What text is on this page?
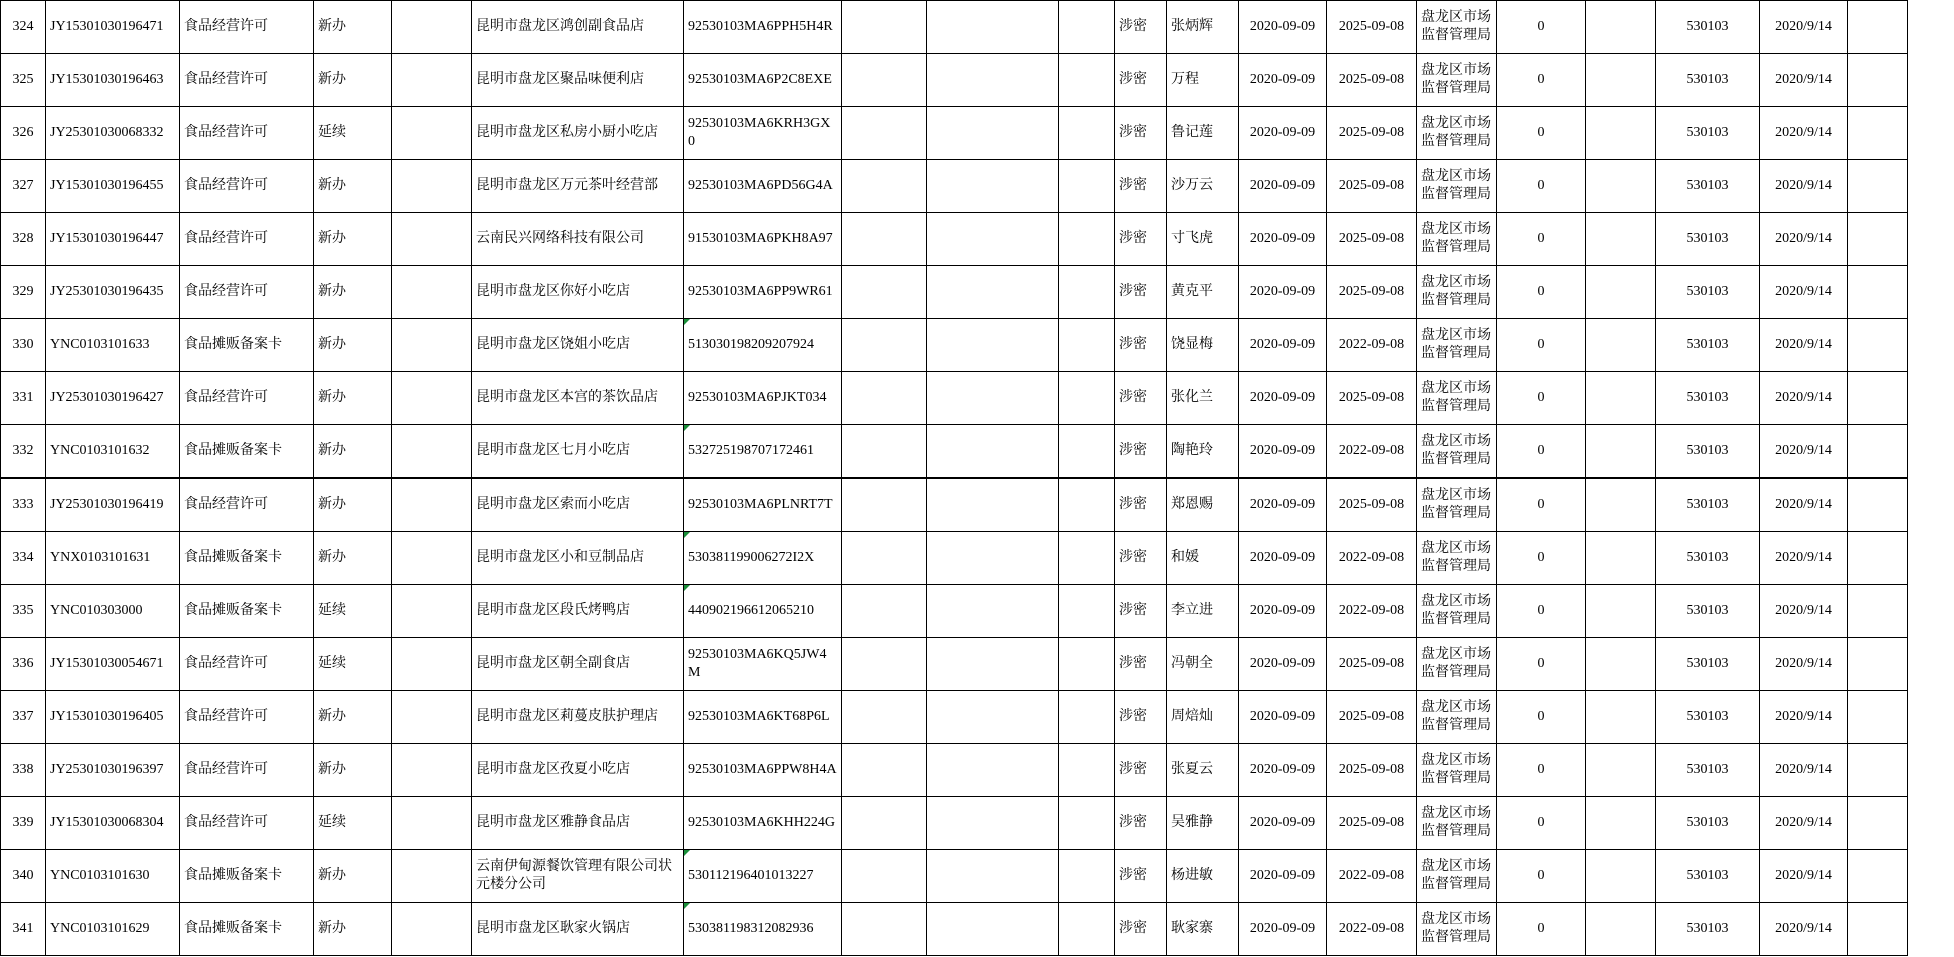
324	JY15301030196471	食品经营许可	新办		昆明市盘龙区鸿创副食品店	92530103MA6PPH5H4R				涉密	张炳辉	2020-09-09	2025-09-08	盘龙区市场监督管理局	0		530103	2020/9/14	
325	JY15301030196463	食品经营许可	新办		昆明市盘龙区聚品味便利店	92530103MA6P2C8EXE				涉密	万程	2020-09-09	2025-09-08	盘龙区市场监督管理局	0		530103	2020/9/14	
326	JY25301030068332	食品经营许可	延续		昆明市盘龙区私房小厨小吃店	92530103MA6KRH3GX0				涉密	鲁记莲	2020-09-09	2025-09-08	盘龙区市场监督管理局	0		530103	2020/9/14	
327	JY15301030196455	食品经营许可	新办		昆明市盘龙区万元茶叶经营部	92530103MA6PD56G4A				涉密	沙万云	2020-09-09	2025-09-08	盘龙区市场监督管理局	0		530103	2020/9/14	
328	JY15301030196447	食品经营许可	新办		云南民兴网络科技有限公司	91530103MA6PKH8A97				涉密	寸飞虎	2020-09-09	2025-09-08	盘龙区市场监督管理局	0		530103	2020/9/14	
329	JY25301030196435	食品经营许可	新办		昆明市盘龙区你好小吃店	92530103MA6PP9WR61				涉密	黄克平	2020-09-09	2025-09-08	盘龙区市场监督管理局	0		530103	2020/9/14	
330	YNC0103101633	食品摊贩备案卡	新办		昆明市盘龙区饶姐小吃店	513030198209207924				涉密	饶显梅	2020-09-09	2022-09-08	盘龙区市场监督管理局	0		530103	2020/9/14	
331	JY25301030196427	食品经营许可	新办		昆明市盘龙区本宫的茶饮品店	92530103MA6PJKT034				涉密	张化兰	2020-09-09	2025-09-08	盘龙区市场监督管理局	0		530103	2020/9/14	
332	YNC0103101632	食品摊贩备案卡	新办		昆明市盘龙区七月小吃店	532725198707172461				涉密	陶艳玲	2020-09-09	2022-09-08	盘龙区市场监督管理局	0		530103	2020/9/14	
333	JY25301030196419	食品经营许可	新办		昆明市盘龙区索而小吃店	92530103MA6PLNRT7T				涉密	郑恩赐	2020-09-09	2025-09-08	盘龙区市场监督管理局	0		530103	2020/9/14	
334	YNX0103101631	食品摊贩备案卡	新办		昆明市盘龙区小和豆制品店	530381199006272I2X				涉密	和媛	2020-09-09	2022-09-08	盘龙区市场监督管理局	0		530103	2020/9/14	
335	YNC010303000	食品摊贩备案卡	延续		昆明市盘龙区段氏烤鸭店	440902196612065210				涉密	李立进	2020-09-09	2022-09-08	盘龙区市场监督管理局	0		530103	2020/9/14	
336	JY15301030054671	食品经营许可	延续		昆明市盘龙区朝全副食店	92530103MA6KQ5JW4M				涉密	冯朝全	2020-09-09	2025-09-08	盘龙区市场监督管理局	0		530103	2020/9/14	
337	JY15301030196405	食品经营许可	新办		昆明市盘龙区莉蔓皮肤护理店	92530103MA6KT68P6L				涉密	周焙灿	2020-09-09	2025-09-08	盘龙区市场监督管理局	0		530103	2020/9/14	
338	JY25301030196397	食品经营许可	新办		昆明市盘龙区孜夏小吃店	92530103MA6PPW8H4A				涉密	张夏云	2020-09-09	2025-09-08	盘龙区市场监督管理局	0		530103	2020/9/14	
339	JY15301030068304	食品经营许可	延续		昆明市盘龙区雅静食品店	92530103MA6KHH224G				涉密	吴雅静	2020-09-09	2025-09-08	盘龙区市场监督管理局	0		530103	2020/9/14	
340	YNC0103101630	食品摊贩备案卡	新办		云南伊甸源餐饮管理有限公司状元楼分公司	530112196401013227				涉密	杨进敏	2020-09-09	2022-09-08	盘龙区市场监督管理局	0		530103	2020/9/14	
341	YNC0103101629	食品摊贩备案卡	新办		昆明市盘龙区耿家火锅店	530381198312082936				涉密	耿家寨	2020-09-09	2022-09-08	盘龙区市场监督管理局	0		530103	2020/9/14	
